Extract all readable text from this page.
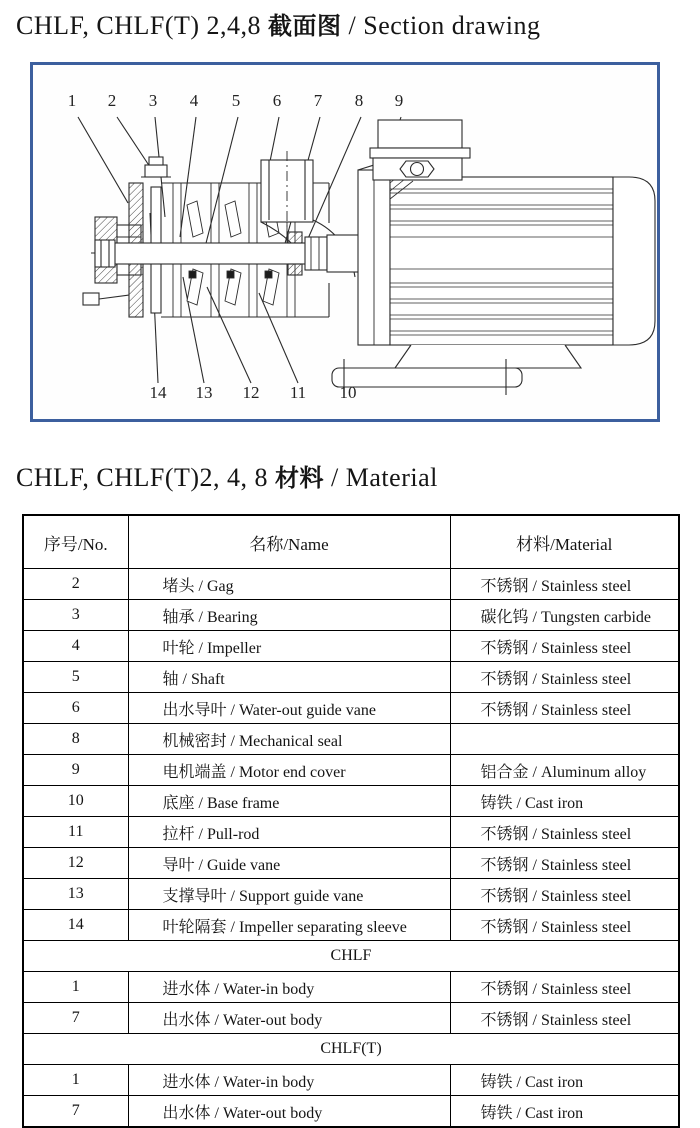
CHLF, CHLF(T) 2,4,8 截面图 / Section drawing
1	2	3	4	5	6	7	8	9
14 13 12 11 10
CHLF, CHLF(T)2, 4, 8 材料 / Material
序号/No.	名称/Name	材料/Material
2	堵头 / Gag	不锈钢 / Stainless steel
3	轴承 / Bearing	碳化钨 / Tungsten carbide
4	叶轮 / Impeller	不锈钢 / Stainless steel
5	轴 / Shaft	不锈钢 / Stainless steel
6	出水导叶 / Water-out guide vane	不锈钢 / Stainless steel
8	机械密封 / Mechanical seal	
9	电机端盖 / Motor end cover	铝合金 / Aluminum alloy
10	底座 / Base frame	铸铁 / Cast iron
11	拉杆 / Pull-rod	不锈钢 / Stainless steel
12	导叶 / Guide vane	不锈钢 / Stainless steel
13	支撑导叶 / Support guide vane	不锈钢 / Stainless steel
14	叶轮隔套 / Impeller separating sleeve	不锈钢 / Stainless steel
CHLF		
1	进水体 / Water-in body	不锈钢 / Stainless steel
7	出水体 / Water-out body	不锈钢 / Stainless steel
CHLF(T)		
1	进水体 / Water-in body	铸铁 / Cast iron
7	出水体 / Water-out body	铸铁 / Cast iron
